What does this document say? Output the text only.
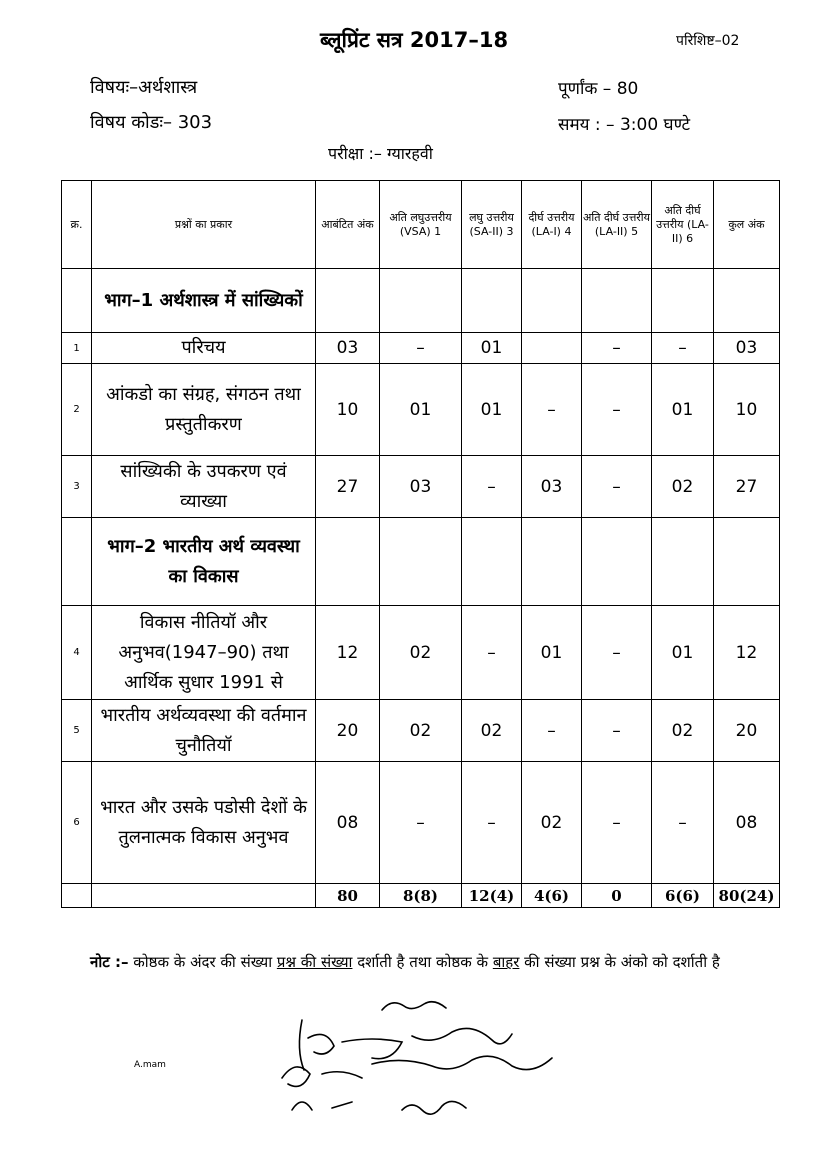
ब्लूप्रिंट सत्र 2017–18	परिशिष्ट–02
विषयः–अर्थशास्त्र
विषय कोडः– 303
पूर्णांक – 80
समय : – 3:00 घण्टे
परीक्षा :– ग्यारहवी
क्र.	प्रश्नों का प्रकार	आबंटित अंक	अति लघुउत्तरीय (VSA) 1	लघु उत्तरीय (SA-II) 3	दीर्घ उत्तरीय (LA-I) 4	अति दीर्घ उत्तरीय (LA-II) 5	अति दीर्घ उत्तरीय (LA-II) 6	कुल अंक
	भाग–1 अर्थशास्त्र में सांख्यिकों							
1	परिचय	03	–	01		–	–	03
2	आंकडो का संग्रह, संगठन तथा प्रस्तुतीकरण	10	01	01	–	–	01	10
3	सांख्यिकी के उपकरण एवं व्याख्या	27	03	–	03	–	02	27
	भाग–2 भारतीय अर्थ व्यवस्था का विकास							
4	विकास नीतियॉ और अनुभव(1947–90) तथा आर्थिक सुधार 1991 से	12	02	–	01	–	01	12
5	भारतीय अर्थव्यवस्था की वर्तमान चुनौतियॉ	20	02	02	–	–	02	20
6	भारत और उसके पडोसी देशों के तुलनात्मक विकास अनुभव	08	–	–	02	–	–	08
		80	8(8)	12(4)	4(6)	0	6(6)	80(24)
नोट :– कोष्ठक के अंदर की संख्या प्रश्न की संख्या दर्शाती है तथा कोष्ठक के बाहर की संख्या प्रश्न के अंको को दर्शाती है
A.mam
